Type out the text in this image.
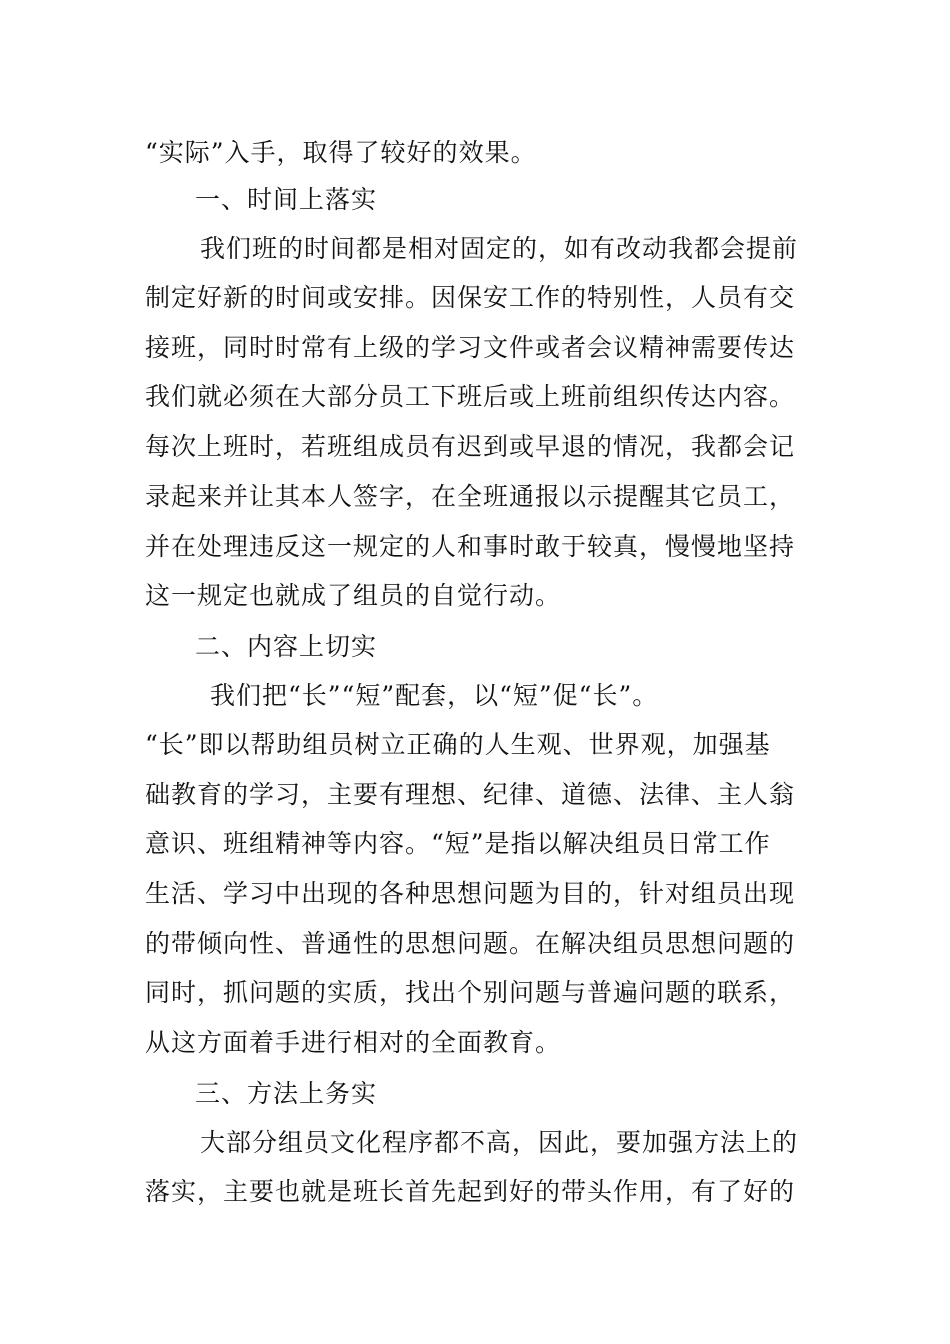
“实际”入手，取得了较好的效果。
一、时间上落实
我们班的时间都是相对固定的，如有改动我都会提前
制定好新的时间或安排。因保安工作的特别性，人员有交
接班，同时时常有上级的学习文件或者会议精神需要传达
我们就必须在大部分员工下班后或上班前组织传达内容。
每次上班时，若班组成员有迟到或早退的情况，我都会记
录起来并让其本人签字，在全班通报以示提醒其它员工，
并在处理违反这一规定的人和事时敢于较真，慢慢地坚持
这一规定也就成了组员的自觉行动。
二、内容上切实
我们把“长”“短”配套，以“短”促“长”。
“长”即以帮助组员树立正确的人生观、世界观，加强基
础教育的学习，主要有理想、纪律、道德、法律、主人翁
意识、班组精神等内容。“短”是指以解决组员日常工作
生活、学习中出现的各种思想问题为目的，针对组员出现
的带倾向性、普通性的思想问题。在解决组员思想问题的
同时，抓问题的实质，找出个别问题与普遍问题的联系，
从这方面着手进行相对的全面教育。
三、方法上务实
大部分组员文化程序都不高，因此，要加强方法上的
落实，主要也就是班长首先起到好的带头作用，有了好的
